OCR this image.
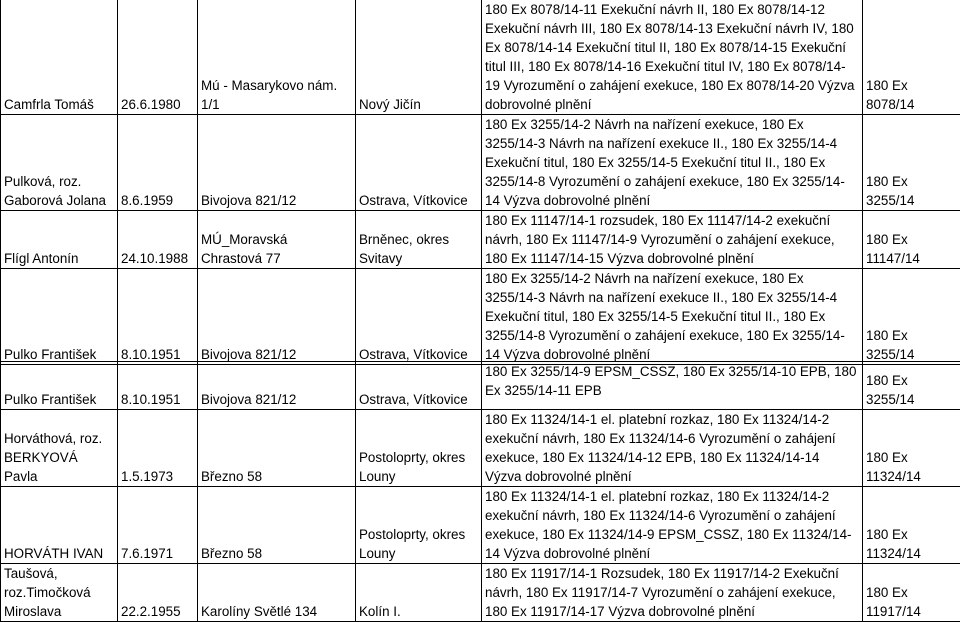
Camfrla Tomáš	26.6.1980	Mú - Masarykovo nám. 1/1	Nový Jičín	180 Ex 8078/14-11 Exekuční návrh II, 180 Ex 8078/14-12 Exekuční návrh III, 180 Ex 8078/14-13 Exekuční návrh IV, 180 Ex 8078/14-14 Exekuční titul II, 180 Ex 8078/14-15 Exekuční titul III, 180 Ex 8078/14-16 Exekuční titul IV, 180 Ex 8078/14-19 Vyrozumění o zahájení exekuce, 180 Ex 8078/14-20 Výzva dobrovolné plnění	180 Ex
8078/14

Pulková, roz. Gaborová Jolana	8.6.1959	Bivojova 821/12	Ostrava, Vítkovice	180 Ex 3255/14-2 Návrh na nařízení exekuce, 180 Ex 3255/14-3 Návrh na nařízení exekuce II., 180 Ex 3255/14-4 Exekuční titul, 180 Ex 3255/14-5 Exekuční titul II., 180 Ex 3255/14-8 Vyrozumění o zahájení exekuce, 180 Ex 3255/14-14 Výzva dobrovolné plnění	180 Ex
3255/14

Flígl Antonín	24.10.1988	MÚ_Moravská Chrastová 77	Brněnec, okres Svitavy	180 Ex 11147/14-1 rozsudek, 180 Ex 11147/14-2 exekuční návrh, 180 Ex 11147/14-9 Vyrozumění o zahájení exekuce, 180 Ex 11147/14-15 Výzva dobrovolné plnění	180 Ex
11147/14

Pulko František	8.10.1951	Bivojova 821/12	Ostrava, Vítkovice	180 Ex 3255/14-2 Návrh na nařízení exekuce, 180 Ex 3255/14-3 Návrh na nařízení exekuce II., 180 Ex 3255/14-4 Exekuční titul, 180 Ex 3255/14-5 Exekuční titul II., 180 Ex 3255/14-8 Vyrozumění o zahájení exekuce, 180 Ex 3255/14-14 Výzva dobrovolné plnění	180 Ex
3255/14
Pulko František	8.10.1951	Bivojova 821/12	Ostrava, Vítkovice	180 Ex 3255/14-9 EPSM_CSSZ, 180 Ex 3255/14-10 EPB, 180 Ex 3255/14-11 EPB	180 Ex
3255/14

Horváthová, roz. BERKYOVÁ Pavla	1.5.1973	Březno 58	Postoloprty, okres Louny	180 Ex 11324/14-1 el. platební rozkaz, 180 Ex 11324/14-2 exekuční návrh, 180 Ex 11324/14-6 Vyrozumění o zahájení exekuce, 180 Ex 11324/14-12 EPB, 180 Ex 11324/14-14 Výzva dobrovolné plnění	180 Ex
11324/14

HORVÁTH IVAN	7.6.1971	Březno 58	Postoloprty, okres Louny	180 Ex 11324/14-1 el. platební rozkaz, 180 Ex 11324/14-2 exekuční návrh, 180 Ex 11324/14-6 Vyrozumění o zahájení exekuce, 180 Ex 11324/14-9 EPSM_CSSZ, 180 Ex 11324/14-14 Výzva dobrovolné plnění	180 Ex
11324/14

Taušová, roz.Timočková Miroslava	22.2.1955	Karolíny Světlé 134	Kolín I.	180 Ex 11917/14-1 Rozsudek, 180 Ex 11917/14-2 Exekuční návrh, 180 Ex 11917/14-7 Vyrozumění o zahájení exekuce, 180 Ex 11917/14-17 Výzva dobrovolné plnění	180 Ex
11917/14
